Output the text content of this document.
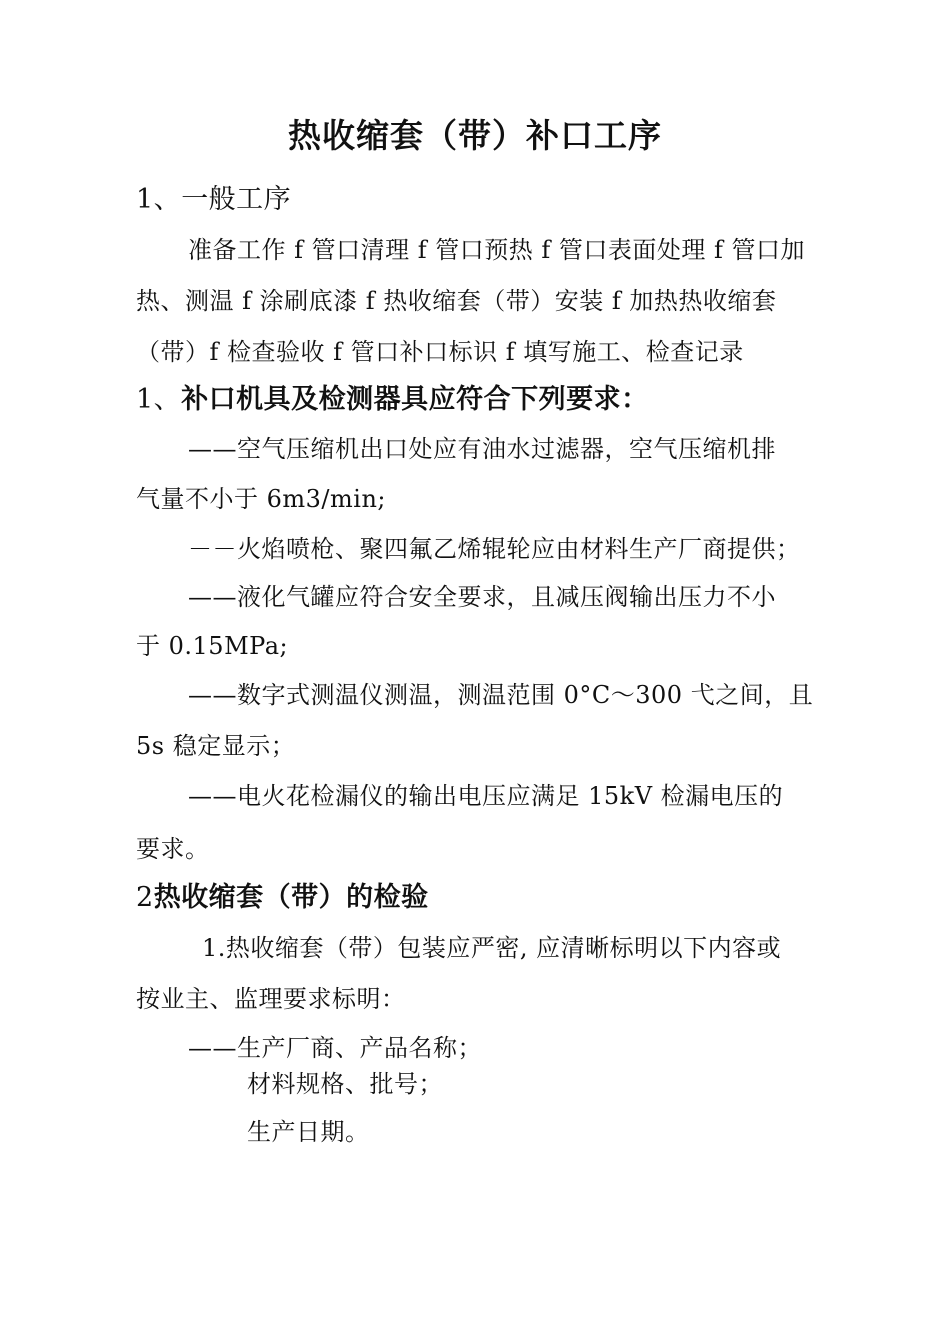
热收缩套（带）补口工序
1、一般工序
准备工作 f 管口清理 f 管口预热 f 管口表面处理 f 管口加
热、测温 f 涂刷底漆 f 热收缩套（带）安装 f 加热热收缩套
（带）f 检查验收 f 管口补口标识 f 填写施工、检查记录
1、补口机具及检测器具应符合下列要求：
——空气压缩机出口处应有油水过滤器，空气压缩机排
气量不小于 6m3/min;
－－火焰喷枪、聚四氟乙烯辊轮应由材料生产厂商提供；
——液化气罐应符合安全要求，且减压阀输出压力不小
于 0.15MPa;
——数字式测温仪测温，测温范围 0°C〜300 弋之间，且
5s 稳定显示；
——电火花检漏仪的输出电压应满足 15kV 检漏电压的
要求。
2热收缩套（带）的检验
1.热收缩套（带）包装应严密, 应清晰标明以下内容或
按业主、监理要求标明：
——生产厂商、产品名称；
材料规格、批号；
生产日期。
